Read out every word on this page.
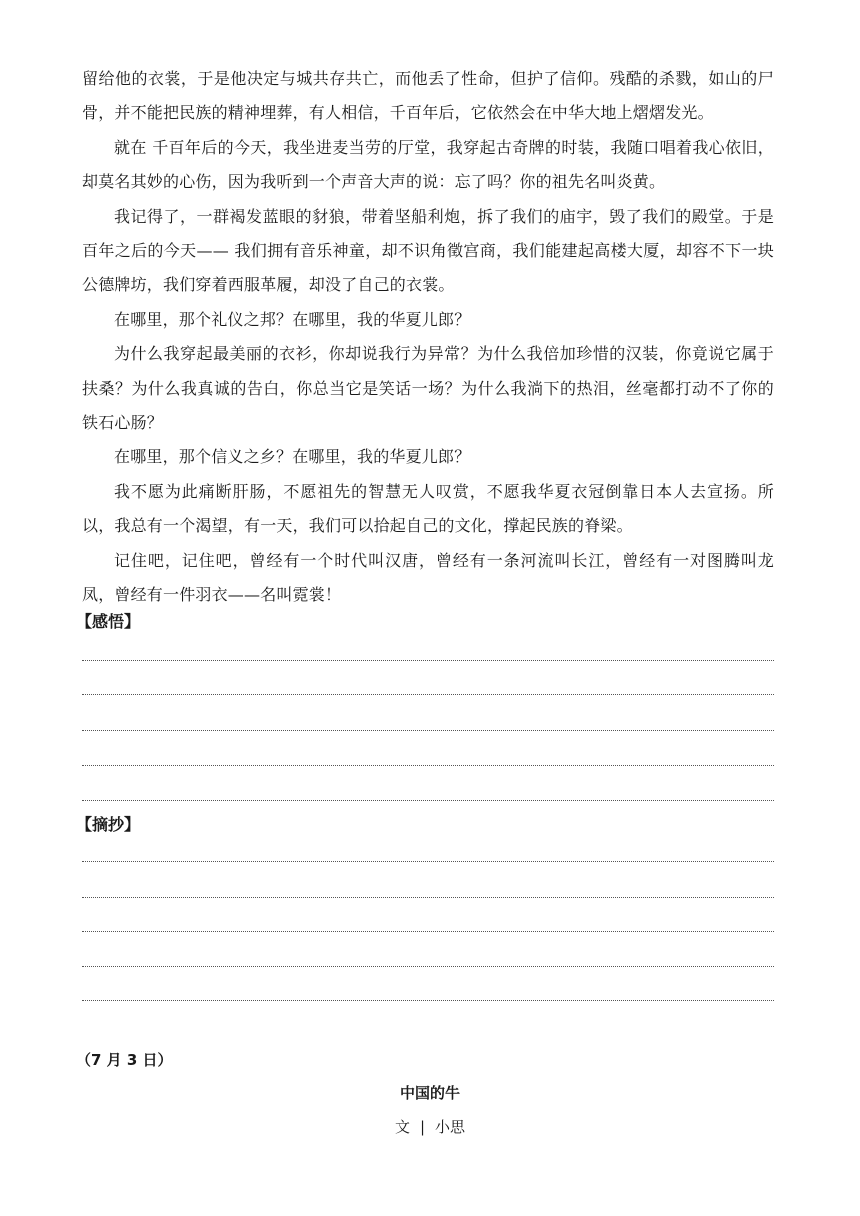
留给他的衣裳，于是他决定与城共存共亡，而他丢了性命，但护了信仰。残酷的杀戮，如山的尸骨，并不能把民族的精神埋葬，有人相信，千百年后，它依然会在中华大地上熠熠发光。

就在 千百年后的今天，我坐进麦当劳的厅堂，我穿起古奇牌的时装，我随口唱着我心依旧，却莫名其妙的心伤，因为我听到一个声音大声的说：忘了吗？你的祖先名叫炎黄。

我记得了，一群褐发蓝眼的豺狼，带着坚船利炮，拆了我们的庙宇，毁了我们的殿堂。于是百年之后的今天—— 我们拥有音乐神童，却不识角徵宫商，我们能建起高楼大厦，却容不下一块公德牌坊，我们穿着西服革履，却没了自己的衣裳。

在哪里，那个礼仪之邦？在哪里，我的华夏儿郎？

为什么我穿起最美丽的衣衫，你却说我行为异常？为什么我倍加珍惜的汉装，你竟说它属于扶桑？为什么我真诚的告白，你总当它是笑话一场？为什么我淌下的热泪，丝毫都打动不了你的铁石心肠？

在哪里，那个信义之乡？在哪里，我的华夏儿郎？

我不愿为此痛断肝肠，不愿祖先的智慧无人叹赏，不愿我华夏衣冠倒靠日本人去宣扬。所以，我总有一个渴望，有一天，我们可以拾起自己的文化，撑起民族的脊梁。

记住吧，记住吧，曾经有一个时代叫汉唐，曾经有一条河流叫长江，曾经有一对图腾叫龙凤，曾经有一件羽衣——名叫霓裳！

【感悟】
【摘抄】
（7 月 3 日）
中国的牛
文 | 小思
